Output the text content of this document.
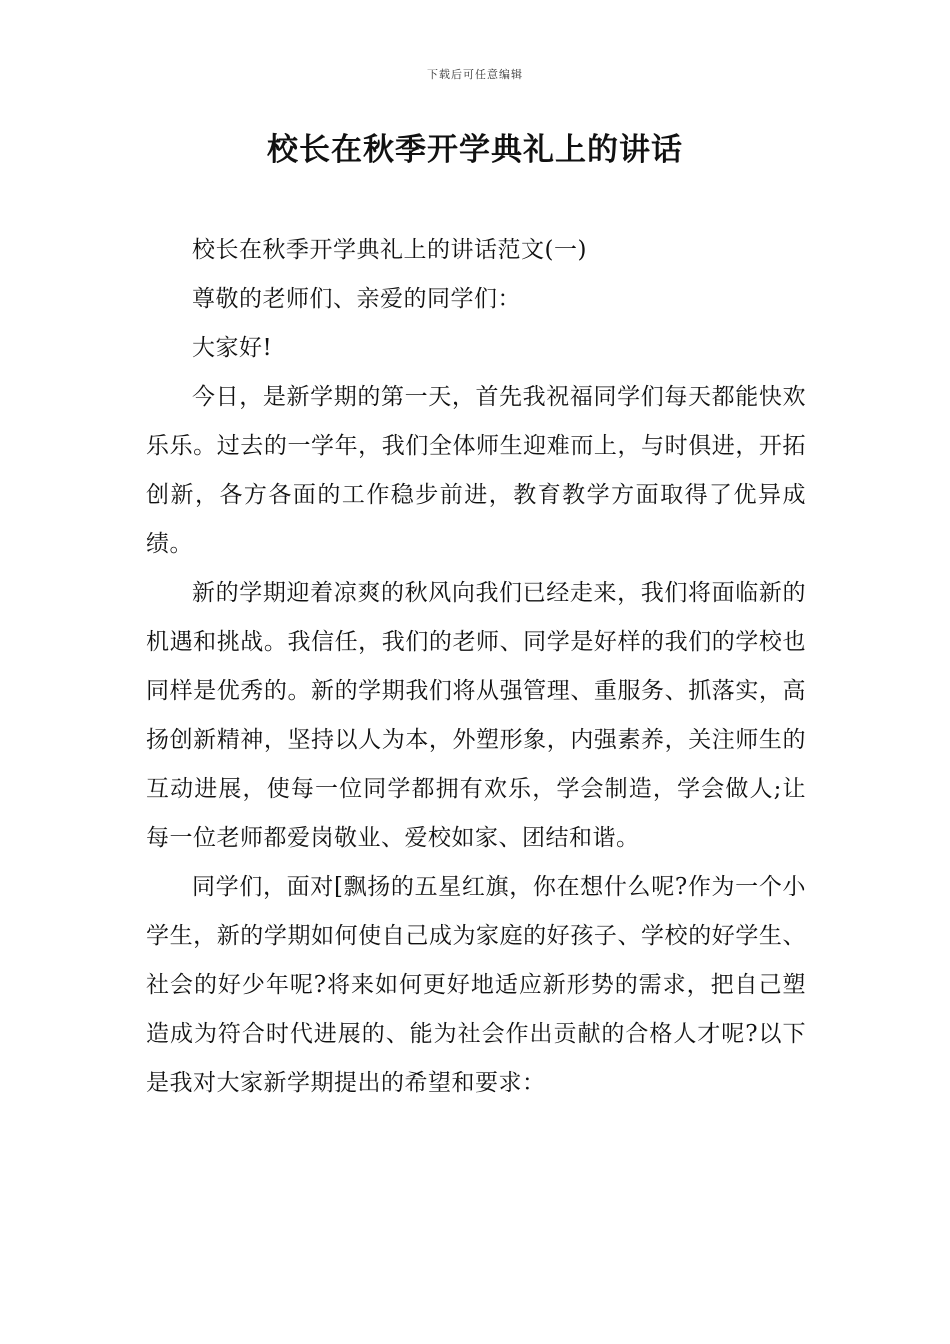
下载后可任意编辑
校长在秋季开学典礼上的讲话

校长在秋季开学典礼上的讲话范文(一)

尊敬的老师们、亲爱的同学们：

大家好!

今日，是新学期的第一天，首先我祝福同学们每天都能快欢乐乐。过去的一学年，我们全体师生迎难而上，与时俱进，开拓创新，各方各面的工作稳步前进，教育教学方面取得了优异成绩。

新的学期迎着凉爽的秋风向我们已经走来，我们将面临新的机遇和挑战。我信任，我们的老师、同学是好样的我们的学校也同样是优秀的。新的学期我们将从强管理、重服务、抓落实，高扬创新精神，坚持以人为本，外塑形象，内强素养，关注师生的互动进展，使每一位同学都拥有欢乐，学会制造，学会做人;让每一位老师都爱岗敬业、爱校如家、团结和谐。

同学们，面对[飘扬的五星红旗，你在想什么呢?作为一个小学生，新的学期如何使自己成为家庭的好孩子、学校的好学生、社会的好少年呢?将来如何更好地适应新形势的需求，把自己塑造成为符合时代进展的、能为社会作出贡献的合格人才呢?以下是我对大家新学期提出的希望和要求：
